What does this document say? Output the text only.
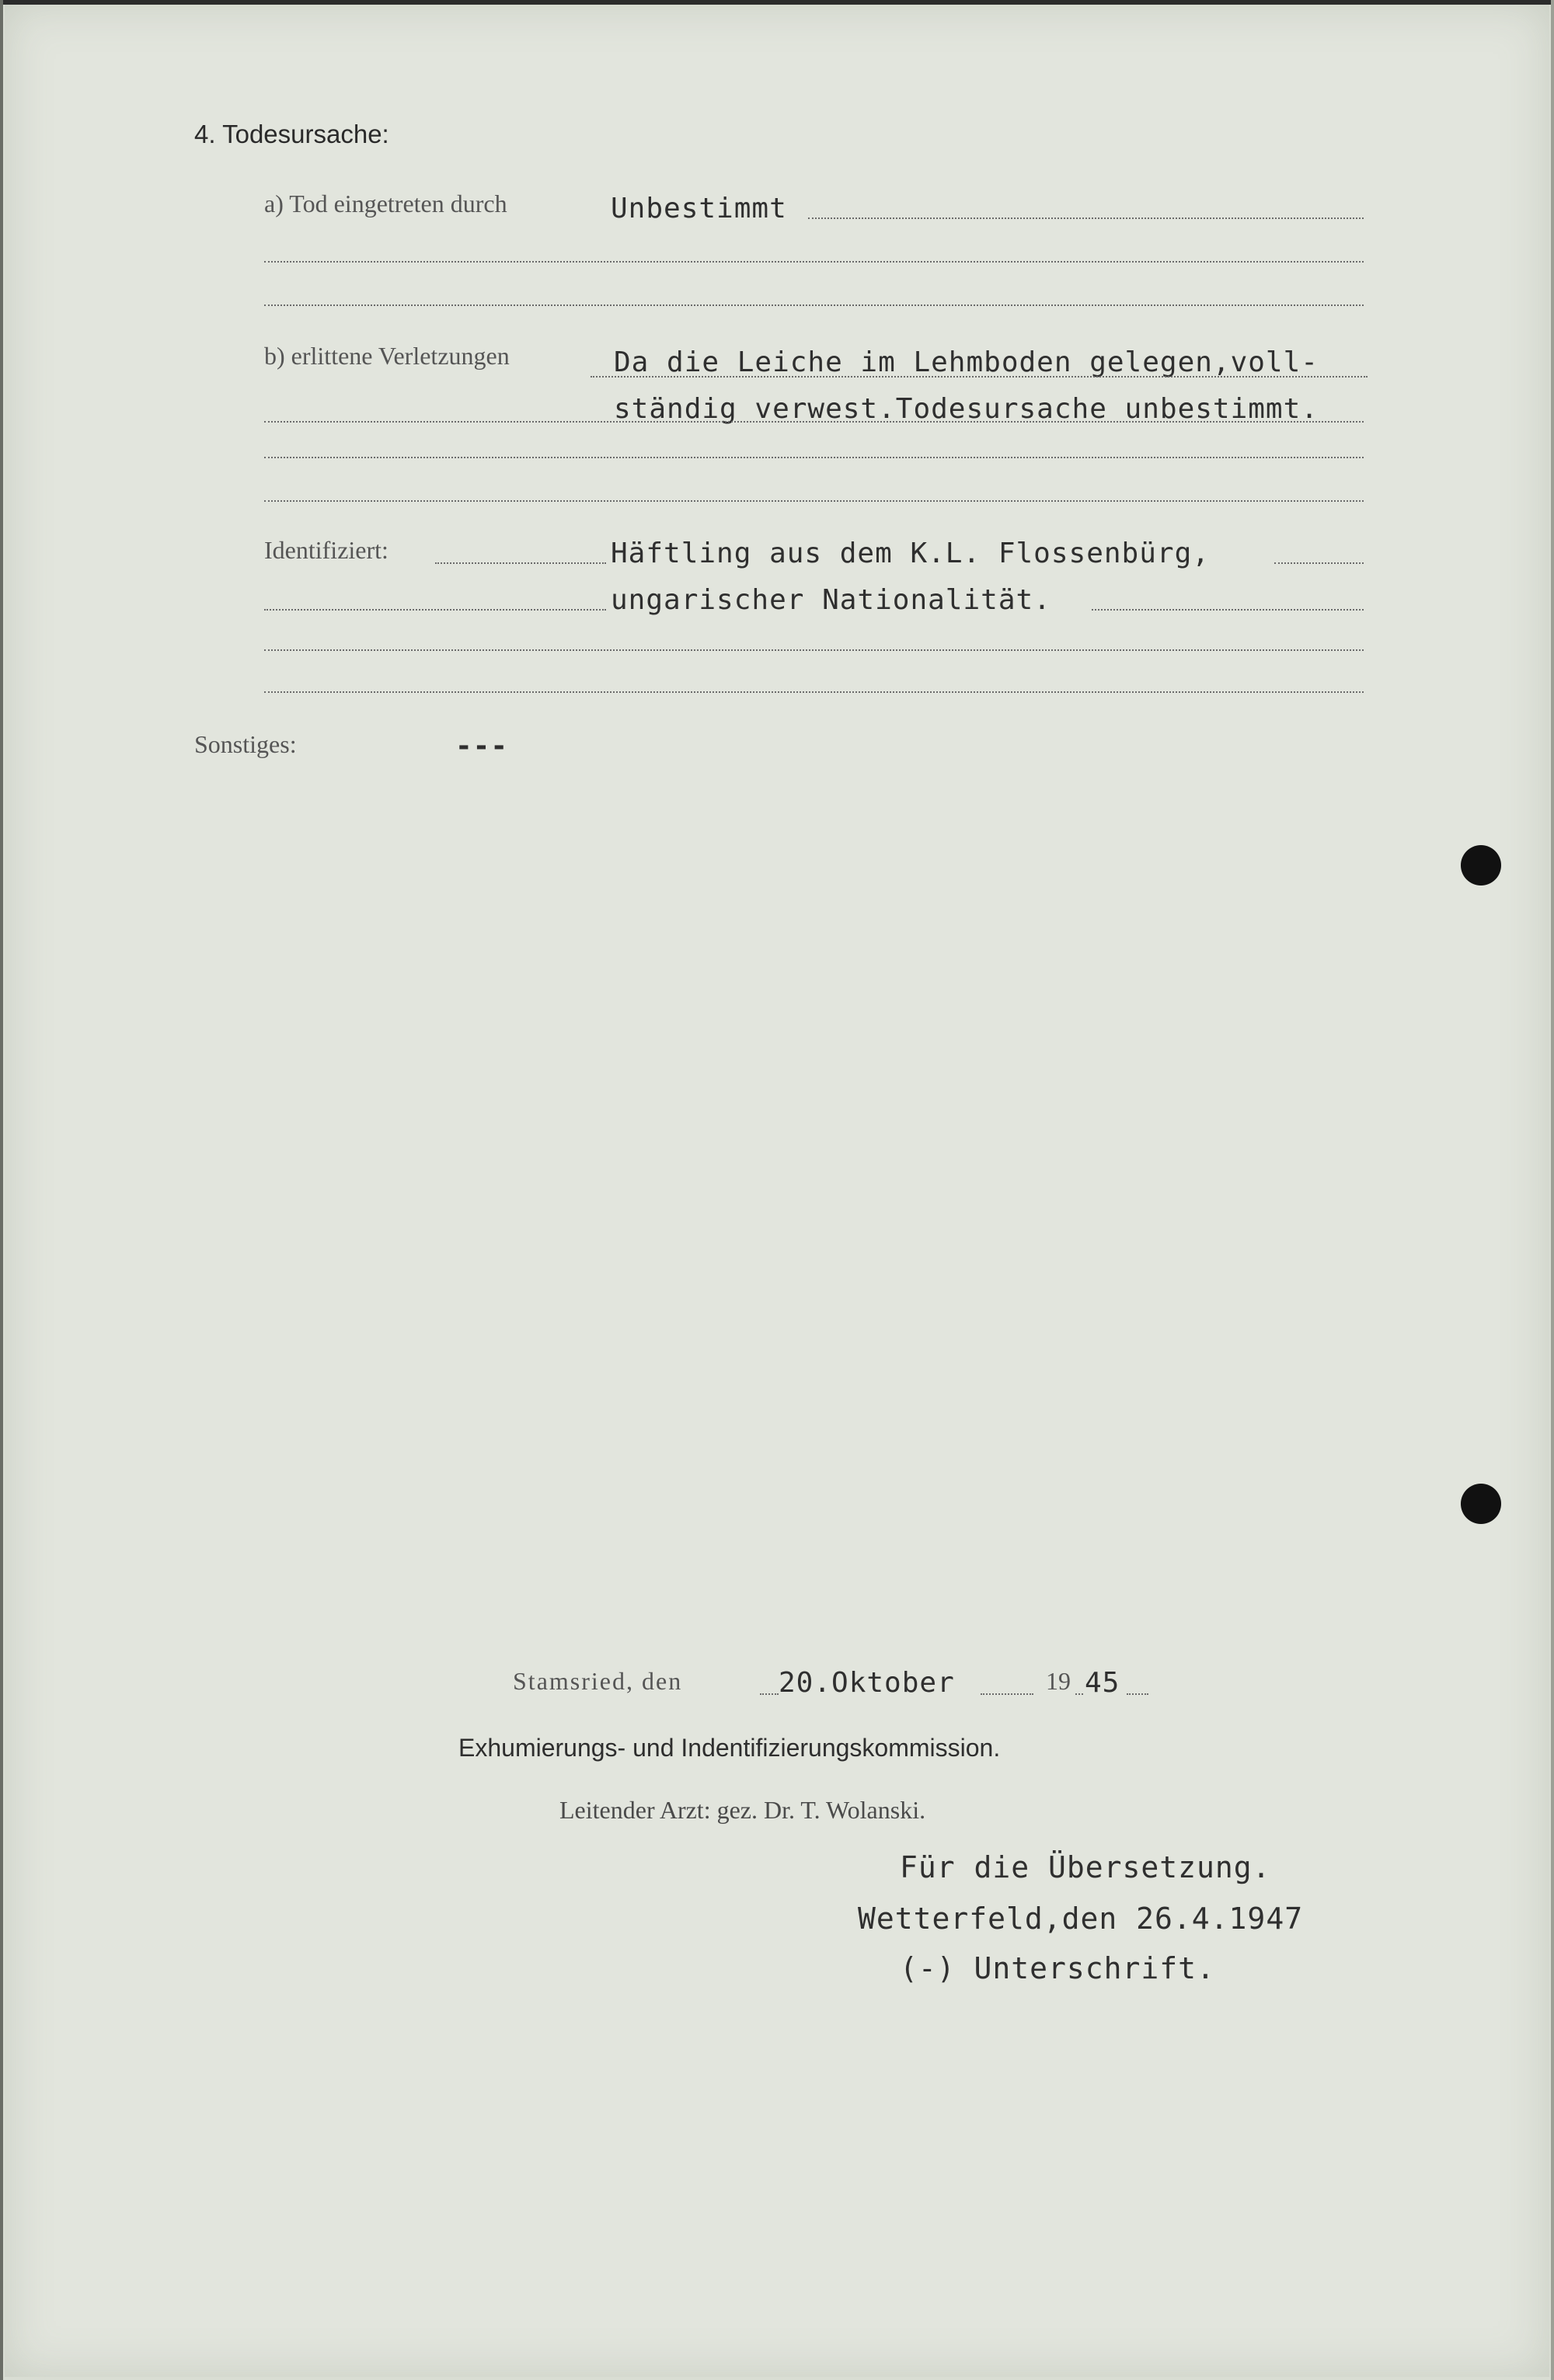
4. Todesursache:
a) Tod eingetreten durch	Unbestimmt
b) erlittene Verletzungen	Da die Leiche im Lehmboden gelegen,voll-
ständig verwest.Todesursache unbestimmt.
Identifiziert:	Häftling aus dem K.L. Flossenbürg,
ungarischer Nationalität.
Sonstiges:	---
Stamsried, den	20.Oktober	19 45
Exhumierungs- und Indentifizierungskommission.
Leitender Arzt: gez. Dr. T. Wolanski.
Für die Übersetzung.
Wetterfeld,den 26.4.1947
(-) Unterschrift.
